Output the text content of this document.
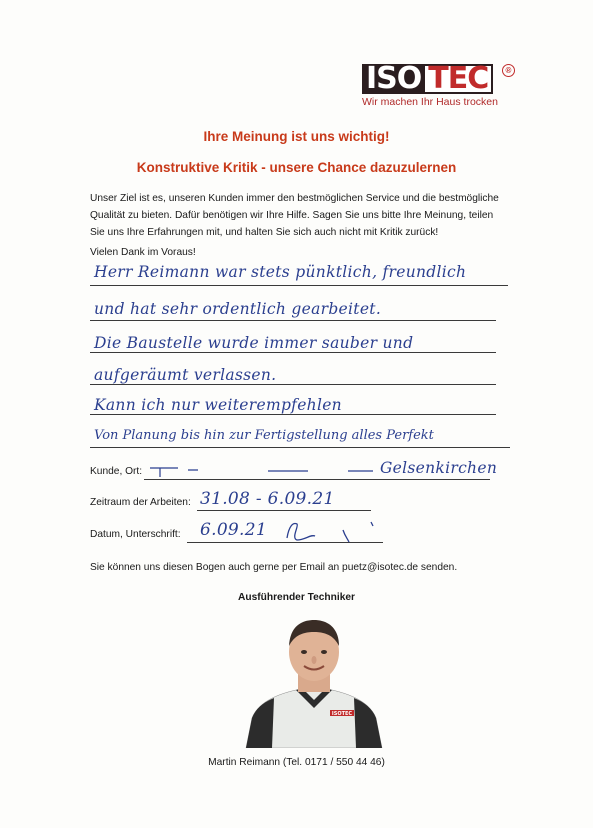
ISO TEC	®
Wir machen Ihr Haus trocken
Ihre Meinung ist uns wichtig!
Konstruktive Kritik - unsere Chance dazuzulernen
Unser Ziel ist es, unseren Kunden immer den bestmöglichen Service und die bestmögliche Qualität zu bieten. Dafür benötigen wir Ihre Hilfe. Sagen Sie uns bitte Ihre Meinung, teilen Sie uns Ihre Erfahrungen mit, und halten Sie sich auch nicht mit Kritik zurück!
Vielen Dank im Voraus!
Herr Reimann war stets pünktlich, freundlich
und hat sehr ordentlich gearbeitet.
Die Baustelle wurde immer sauber und
aufgeräumt verlassen.
Kann ich nur weiterempfehlen
Von Planung bis hin zur Fertigstellung alles Perfekt
Kunde, Ort:	Gelsenkirchen
Zeitraum der Arbeiten: 31.08 - 6.09.21
Datum, Unterschrift: 6.09.21
Sie können uns diesen Bogen auch gerne per Email an puetz@isotec.de senden.
Ausführender Techniker
ISOTEC
Martin Reimann (Tel. 0171 / 550 44 46)
